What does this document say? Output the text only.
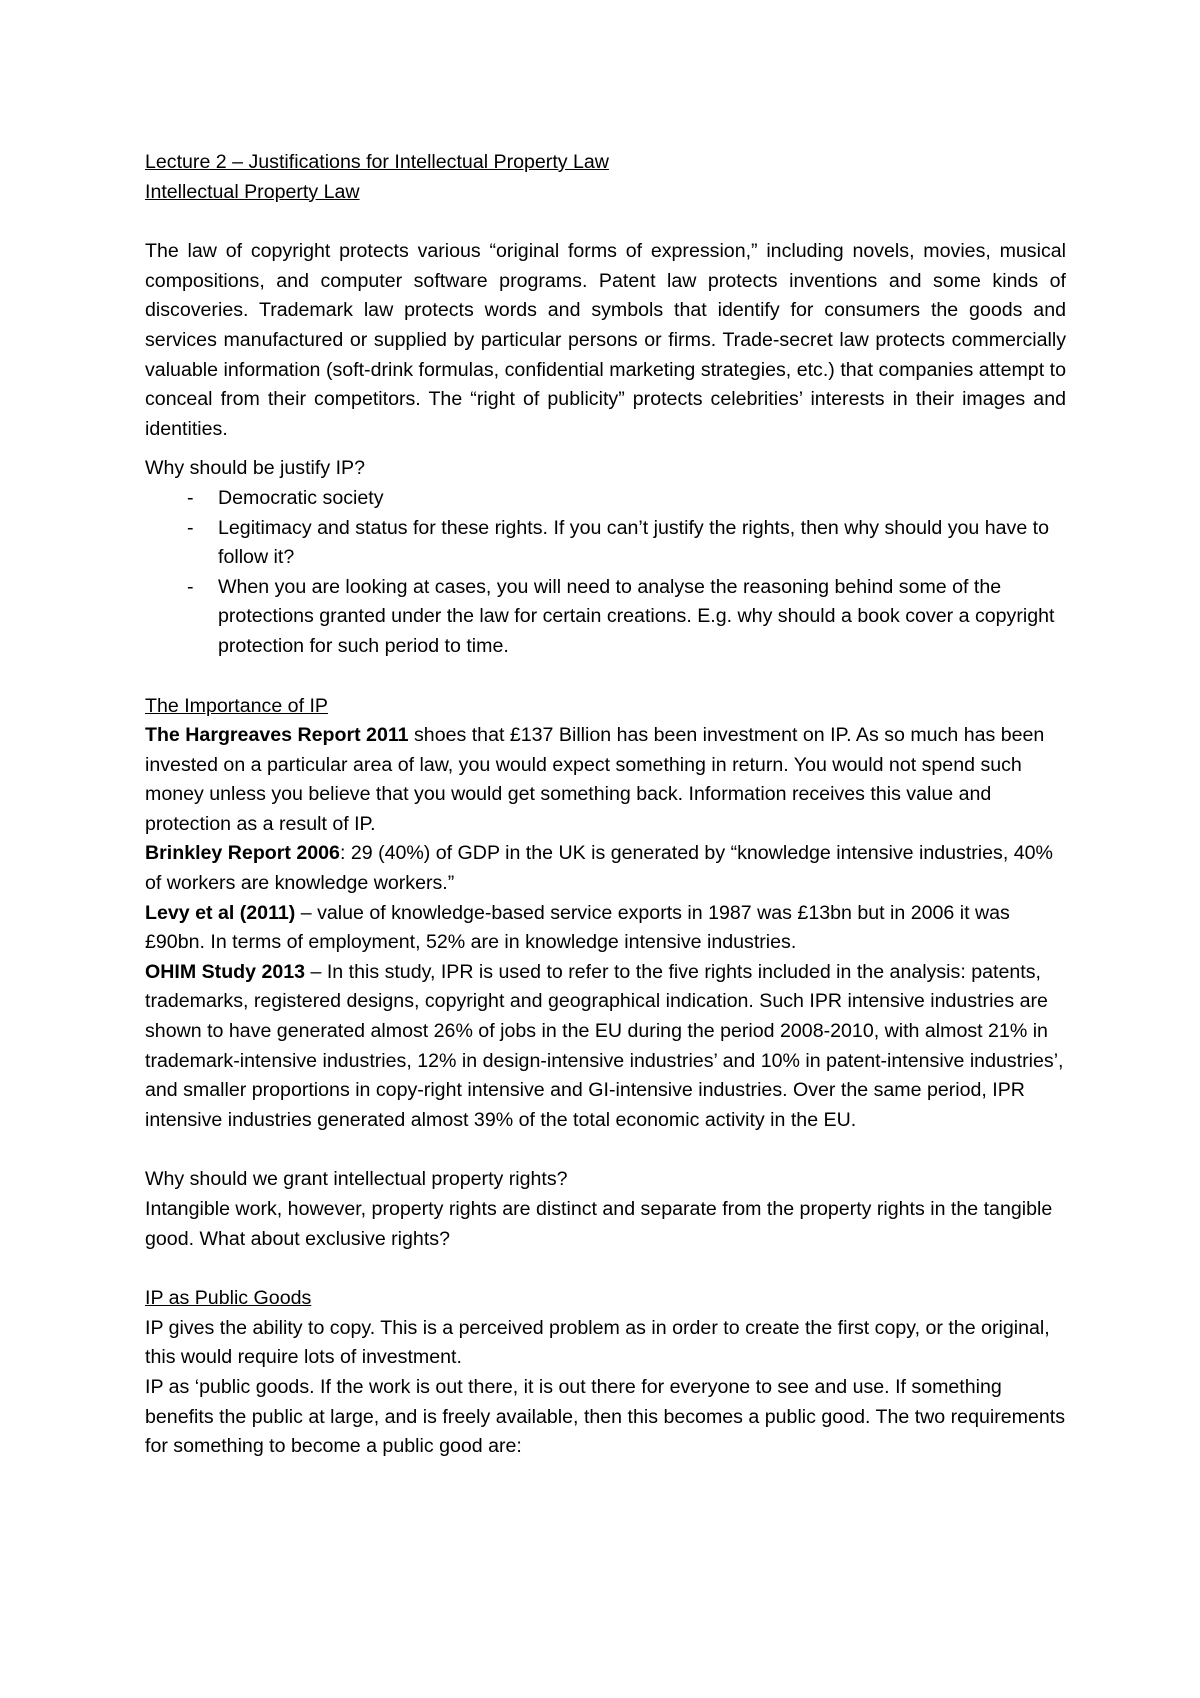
Lecture 2 – Justifications for Intellectual Property Law

Intellectual Property Law

The law of copyright protects various “original forms of expression,” including novels, movies, musical compositions, and computer software programs. Patent law protects inventions and some kinds of discoveries. Trademark law protects words and symbols that identify for consumers the goods and services manufactured or supplied by particular persons or firms. Trade-secret law protects commercially valuable information (soft-drink formulas, confidential marketing strategies, etc.) that companies attempt to conceal from their competitors. The “right of publicity” protects celebrities’ interests in their images and identities.

Why should be justify IP?

- Democratic society
- Legitimacy and status for these rights. If you can’t justify the rights, then why should you have to follow it?
- When you are looking at cases, you will need to analyse the reasoning behind some of the protections granted under the law for certain creations. E.g. why should a book cover a copyright protection for such period to time.

The Importance of IP

The Hargreaves Report 2011 shoes that £137 Billion has been investment on IP. As so much has been invested on a particular area of law, you would expect something in return. You would not spend such money unless you believe that you would get something back. Information receives this value and protection as a result of IP.

Brinkley Report 2006: 29 (40%) of GDP in the UK is generated by “knowledge intensive industries, 40% of workers are knowledge workers.”

Levy et al (2011) – value of knowledge-based service exports in 1987 was £13bn but in 2006 it was £90bn. In terms of employment, 52% are in knowledge intensive industries.

OHIM Study 2013 – In this study, IPR is used to refer to the five rights included in the analysis: patents, trademarks, registered designs, copyright and geographical indication. Such IPR intensive industries are shown to have generated almost 26% of jobs in the EU during the period 2008-2010, with almost 21% in trademark-intensive industries, 12% in design-intensive industries’ and 10% in patent-intensive industries’, and smaller proportions in copy-right intensive and GI-intensive industries. Over the same period, IPR intensive industries generated almost 39% of the total economic activity in the EU.

Why should we grant intellectual property rights?

Intangible work, however, property rights are distinct and separate from the property rights in the tangible good. What about exclusive rights?

IP as Public Goods

IP gives the ability to copy. This is a perceived problem as in order to create the first copy, or the original, this would require lots of investment.

IP as ‘public goods. If the work is out there, it is out there for everyone to see and use. If something benefits the public at large, and is freely available, then this becomes a public good. The two requirements for something to become a public good are:
